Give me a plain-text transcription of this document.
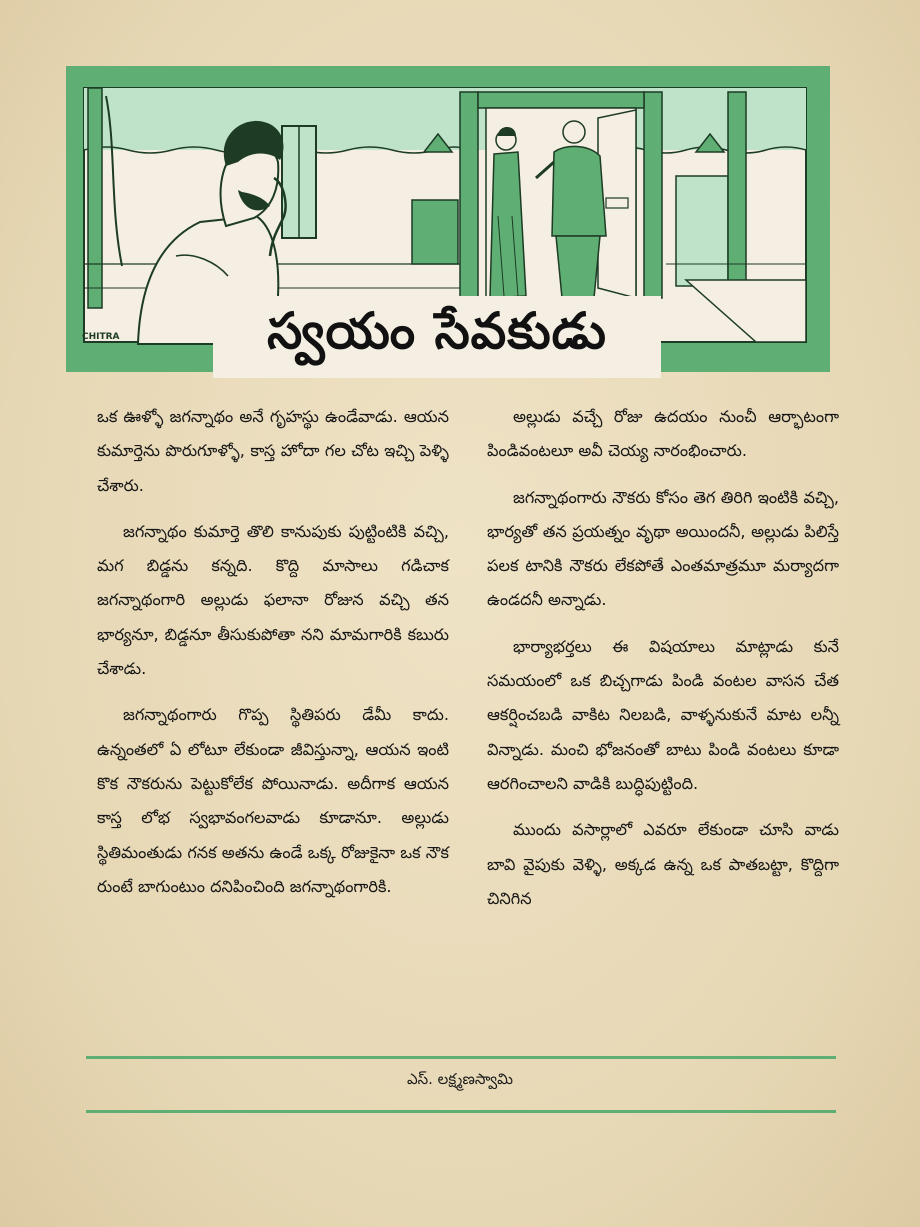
స్వయం సేవకుడు
CHITRA

ఒక ఊళ్ళో జగన్నాథం అనే గృహస్థు ఉండేవాడు. ఆయన కుమార్తెను పొరుగూళ్ళో, కాస్త హోదా గల చోట ఇచ్చి పెళ్ళి చేశారు.

జగన్నాథం కుమార్తె తొలి కానుపుకు పుట్టింటికి వచ్చి, మగ బిడ్డను కన్నది. కొద్ది మాసాలు గడిచాక జగన్నాథంగారి అల్లుడు ఫలానా రోజున వచ్చి తన భార్యనూ, బిడ్డనూ తీసుకుపోతా నని మామగారికి కబురు చేశాడు.

జగన్నాథంగారు గొప్ప స్థితిపరు డేమీ కాదు. ఉన్నంతలో ఏ లోటూ లేకుండా జీవిస్తున్నా, ఆయన ఇంటి కొక నౌకరును పెట్టుకోలేక పోయినాడు. అదీగాక ఆయన కాస్త లోభ స్వభావంగలవాడు కూడానూ. అల్లుడు స్థితిమంతుడు గనక అతను ఉండే ఒక్క రోజుకైనా ఒక నౌక రుంటే బాగుంటుం దనిపించింది జగన్నాథంగారికి.

అల్లుడు వచ్చే రోజు ఉదయం నుంచీ ఆర్భాటంగా పిండివంటలూ అవీ చెయ్య నారంభించారు.

జగన్నాథంగారు నౌకరు కోసం తెగ తిరిగి ఇంటికి వచ్చి, భార్యతో తన ప్రయత్నం వృథా అయిందనీ, అల్లుడు పిలిస్తే పలక టానికి నౌకరు లేకపోతే ఎంతమాత్రమూ మర్యాదగా ఉండదనీ అన్నాడు.

భార్యాభర్తలు ఈ విషయాలు మాట్లాడు కునే సమయంలో ఒక బిచ్చగాడు పిండి వంటల వాసన చేత ఆకర్షించబడి వాకిట నిలబడి, వాళ్ళనుకునే మాట లన్నీ విన్నాడు. మంచి భోజనంతో బాటు పిండి వంటలు కూడా ఆరగించాలని వాడికి బుద్ధిపుట్టింది.

ముందు వసార్లాలో ఎవరూ లేకుండా చూసి వాడు బావి వైపుకు వెళ్ళి, అక్కడ ఉన్న ఒక పాతబట్టా, కొద్దిగా చినిగిన

ఎస్. లక్ష్మణస్వామి
